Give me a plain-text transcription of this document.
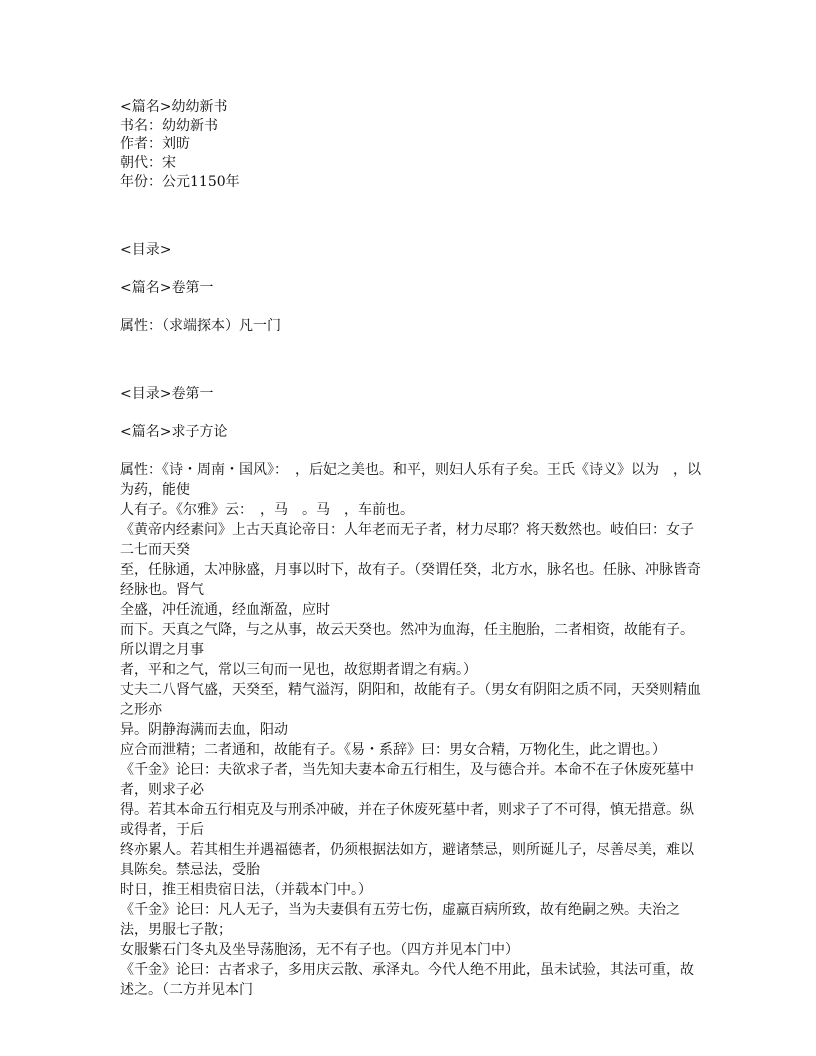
<篇名>幼幼新书
书名：幼幼新书
作者：刘昉
朝代：宋
年份：公元1150年
<目录>
<篇名>卷第一
属性：（求端探本）凡一门
<目录>卷第一
<篇名>求子方论
属性：《诗・周南・国风》：　，后妃之美也。和平，则妇人乐有子矣。王氏《诗义》以为　，以为药，能使
人有子。《尔雅》云：　，马　。马　，车前也。
《黄帝内经素问》上古天真论帝日：人年老而无子者，材力尽耶？将天数然也。岐伯曰：女子二七而天癸
至，任脉通，太冲脉盛，月事以时下，故有子。（癸谓任癸，北方水，脉名也。任脉、冲脉皆奇经脉也。肾气
全盛，冲任流通，经血渐盈，应时
而下。天真之气降，与之从事，故云天癸也。然冲为血海，任主胞胎，二者相资，故能有子。所以谓之月事
者，平和之气，常以三旬而一见也，故愆期者谓之有病。）
丈夫二八肾气盛，天癸至，精气溢泻，阴阳和，故能有子。（男女有阴阳之质不同，天癸则精血之形亦
异。阴静海满而去血，阳动
应合而泄精；二者通和，故能有子。《易・系辞》曰：男女合精，万物化生，此之谓也。）
《千金》论曰：夫欲求子者，当先知夫妻本命五行相生，及与德合并。本命不在子休废死墓中者，则求子必
得。若其本命五行相克及与刑杀冲破，并在子休废死墓中者，则求子了不可得，慎无措意。纵或得者，于后
终亦累人。若其相生并遇福德者，仍须根据法如方，避诸禁忌，则所诞儿子，尽善尽美，难以具陈矣。禁忌法，受胎
时日，推王相贵宿日法，（并载本门中。）
《千金》论曰：凡人无子，当为夫妻俱有五劳七伤，虚羸百病所致，故有绝嗣之殃。夫治之法，男服七子散；
女服紫石门冬丸及坐导荡胞汤，无不有子也。（四方并见本门中）
《千金》论曰：古者求子，多用庆云散、承泽丸。今代人绝不用此，虽未试验，其法可重，故述之。（二方并见本门
